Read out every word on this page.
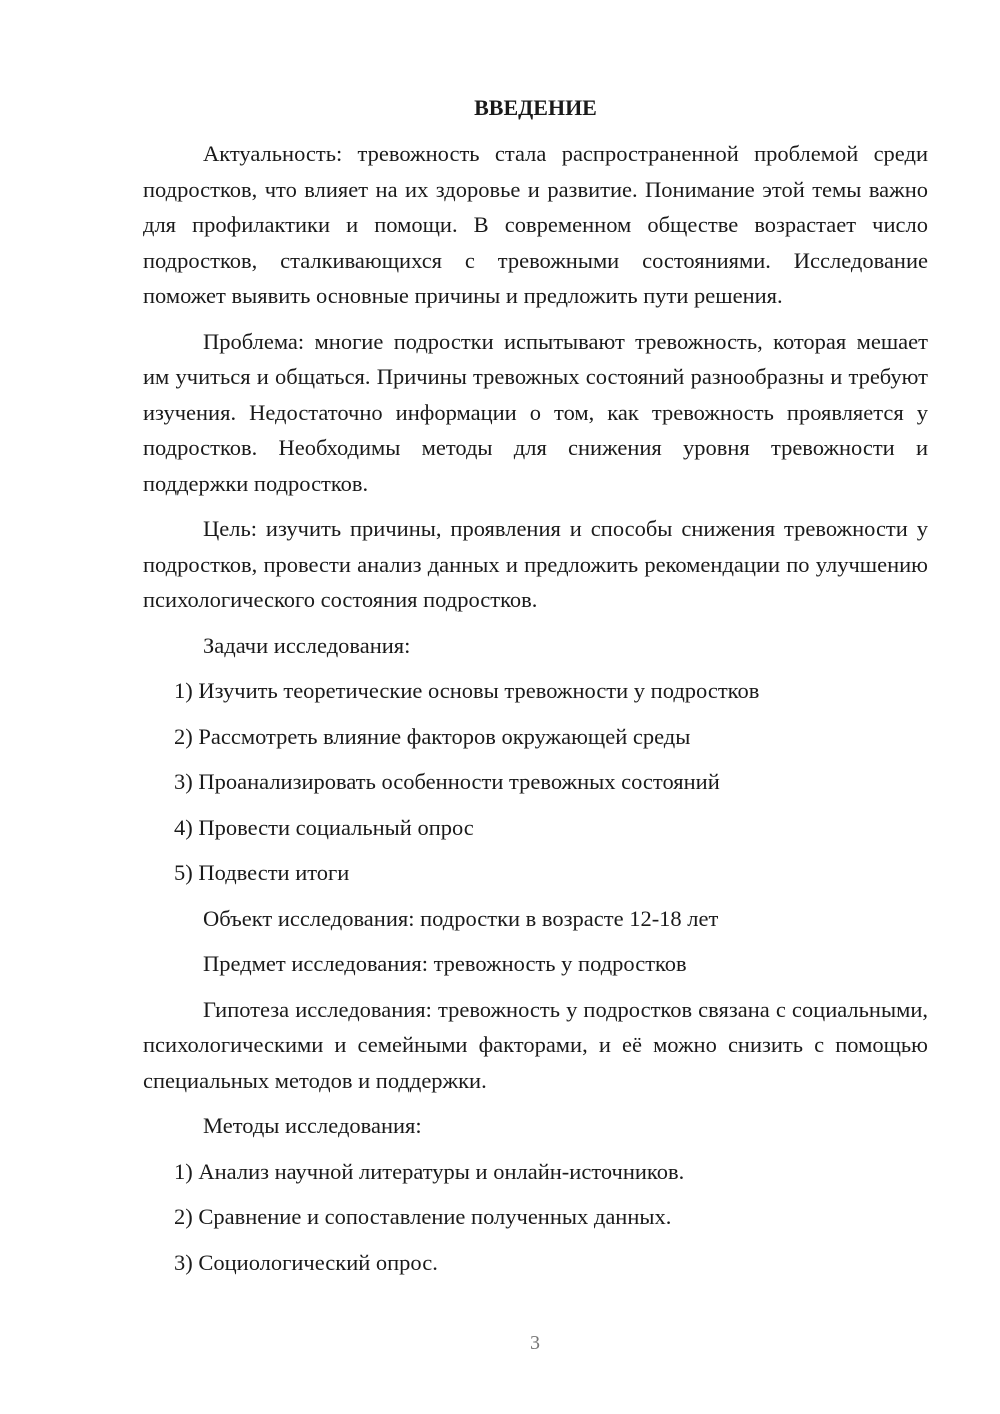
ВВЕДЕНИЕ

Актуальность: тревожность стала распространенной проблемой среди подростков, что влияет на их здоровье и развитие. Понимание этой темы важно для профилактики и помощи. В современном обществе возрастает число подростков, сталкивающихся с тревожными состояниями. Исследование поможет выявить основные причины и предложить пути решения.

Проблема: многие подростки испытывают тревожность, которая мешает им учиться и общаться. Причины тревожных состояний разнообразны и требуют изучения. Недостаточно информации о том, как тревожность проявляется у подростков. Необходимы методы для снижения уровня тревожности и поддержки подростков.

Цель: изучить причины, проявления и способы снижения тревожности у подростков, провести анализ данных и предложить рекомендации по улучшению психологического состояния подростков.

Задачи исследования:

1) Изучить теоретические основы тревожности у подростков

2) Рассмотреть влияние факторов окружающей среды

3) Проанализировать особенности тревожных состояний

4) Провести социальный опрос

5) Подвести итоги

Объект исследования: подростки в возрасте 12-18 лет

Предмет исследования: тревожность у подростков

Гипотеза исследования: тревожность у подростков связана с социальными, психологическими и семейными факторами, и её можно снизить с помощью специальных методов и поддержки.

Методы исследования:

1) Анализ научной литературы и онлайн-источников.

2) Сравнение и сопоставление полученных данных.

3) Социологический опрос.

3
